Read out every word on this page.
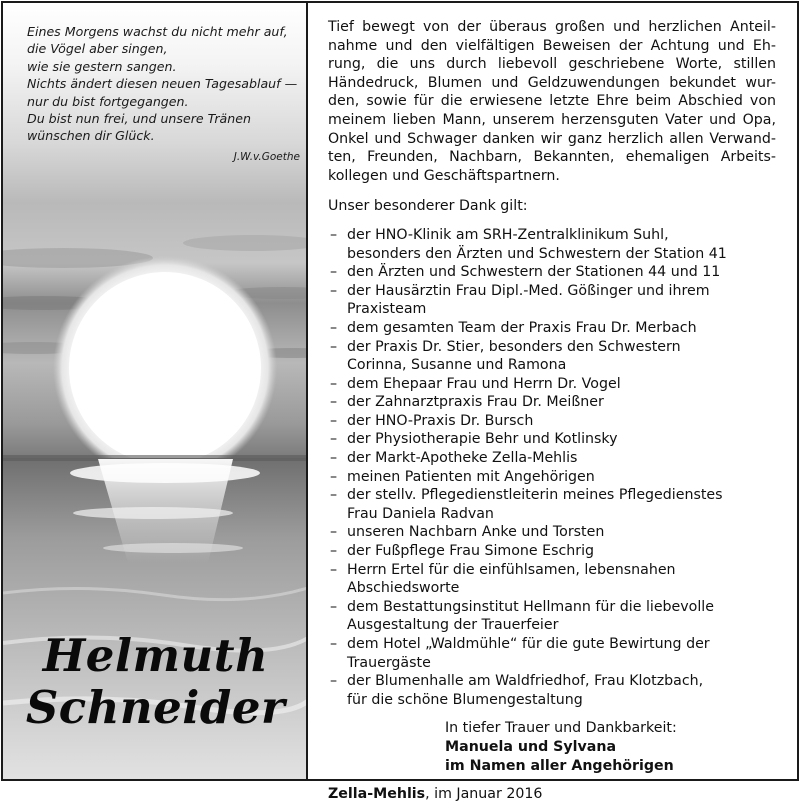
Eines Morgens wachst du nicht mehr auf,
die Vögel aber singen,
wie sie gestern sangen.
Nichts ändert diesen neuen Tagesablauf —
nur du bist fortgegangen.
Du bist nun frei, und unsere Tränen
wünschen dir Glück.
J.W.v.Goethe
Helmuth
Schneider
Tief bewegt von der überaus großen und herzlichen Anteil-
nahme und den vielfältigen Beweisen der Achtung und Eh-
rung, die uns durch liebevoll geschriebene Worte, stillen
Händedruck, Blumen und Geldzuwendungen bekundet wur-
den, sowie für die erwiesene letzte Ehre beim Abschied von
meinem lieben Mann, unserem herzensguten Vater und Opa,
Onkel und Schwager danken wir ganz herzlich allen Verwand-
ten, Freunden, Nachbarn, Bekannten, ehemaligen Arbeits-
kollegen und Geschäftspartnern.
Unser besonderer Dank gilt:
– der HNO-Klinik am SRH-Zentralklinikum Suhl,
besonders den Ärzten und Schwestern der Station 41
– den Ärzten und Schwestern der Stationen 44 und 11
– der Hausärztin Frau Dipl.-Med. Gößinger und ihrem
Praxisteam
– dem gesamten Team der Praxis Frau Dr. Merbach
– der Praxis Dr. Stier, besonders den Schwestern
Corinna, Susanne und Ramona
– dem Ehepaar Frau und Herrn Dr. Vogel
– der Zahnarztpraxis Frau Dr. Meißner
– der HNO-Praxis Dr. Bursch
– der Physiotherapie Behr und Kotlinsky
– der Markt-Apotheke Zella-Mehlis
– meinen Patienten mit Angehörigen
– der stellv. Pflegedienstleiterin meines Pflegedienstes
Frau Daniela Radvan
– unseren Nachbarn Anke und Torsten
– der Fußpflege Frau Simone Eschrig
– Herrn Ertel für die einfühlsamen, lebensnahen
Abschiedsworte
– dem Bestattungsinstitut Hellmann für die liebevolle
Ausgestaltung der Trauerfeier
– dem Hotel „Waldmühle“ für die gute Bewirtung der
Trauergäste
– der Blumenhalle am Waldfriedhof, Frau Klotzbach,
für die schöne Blumengestaltung
In tiefer Trauer und Dankbarkeit:
Manuela und Sylvana
im Namen aller Angehörigen
Zella-Mehlis, im Januar 2016
